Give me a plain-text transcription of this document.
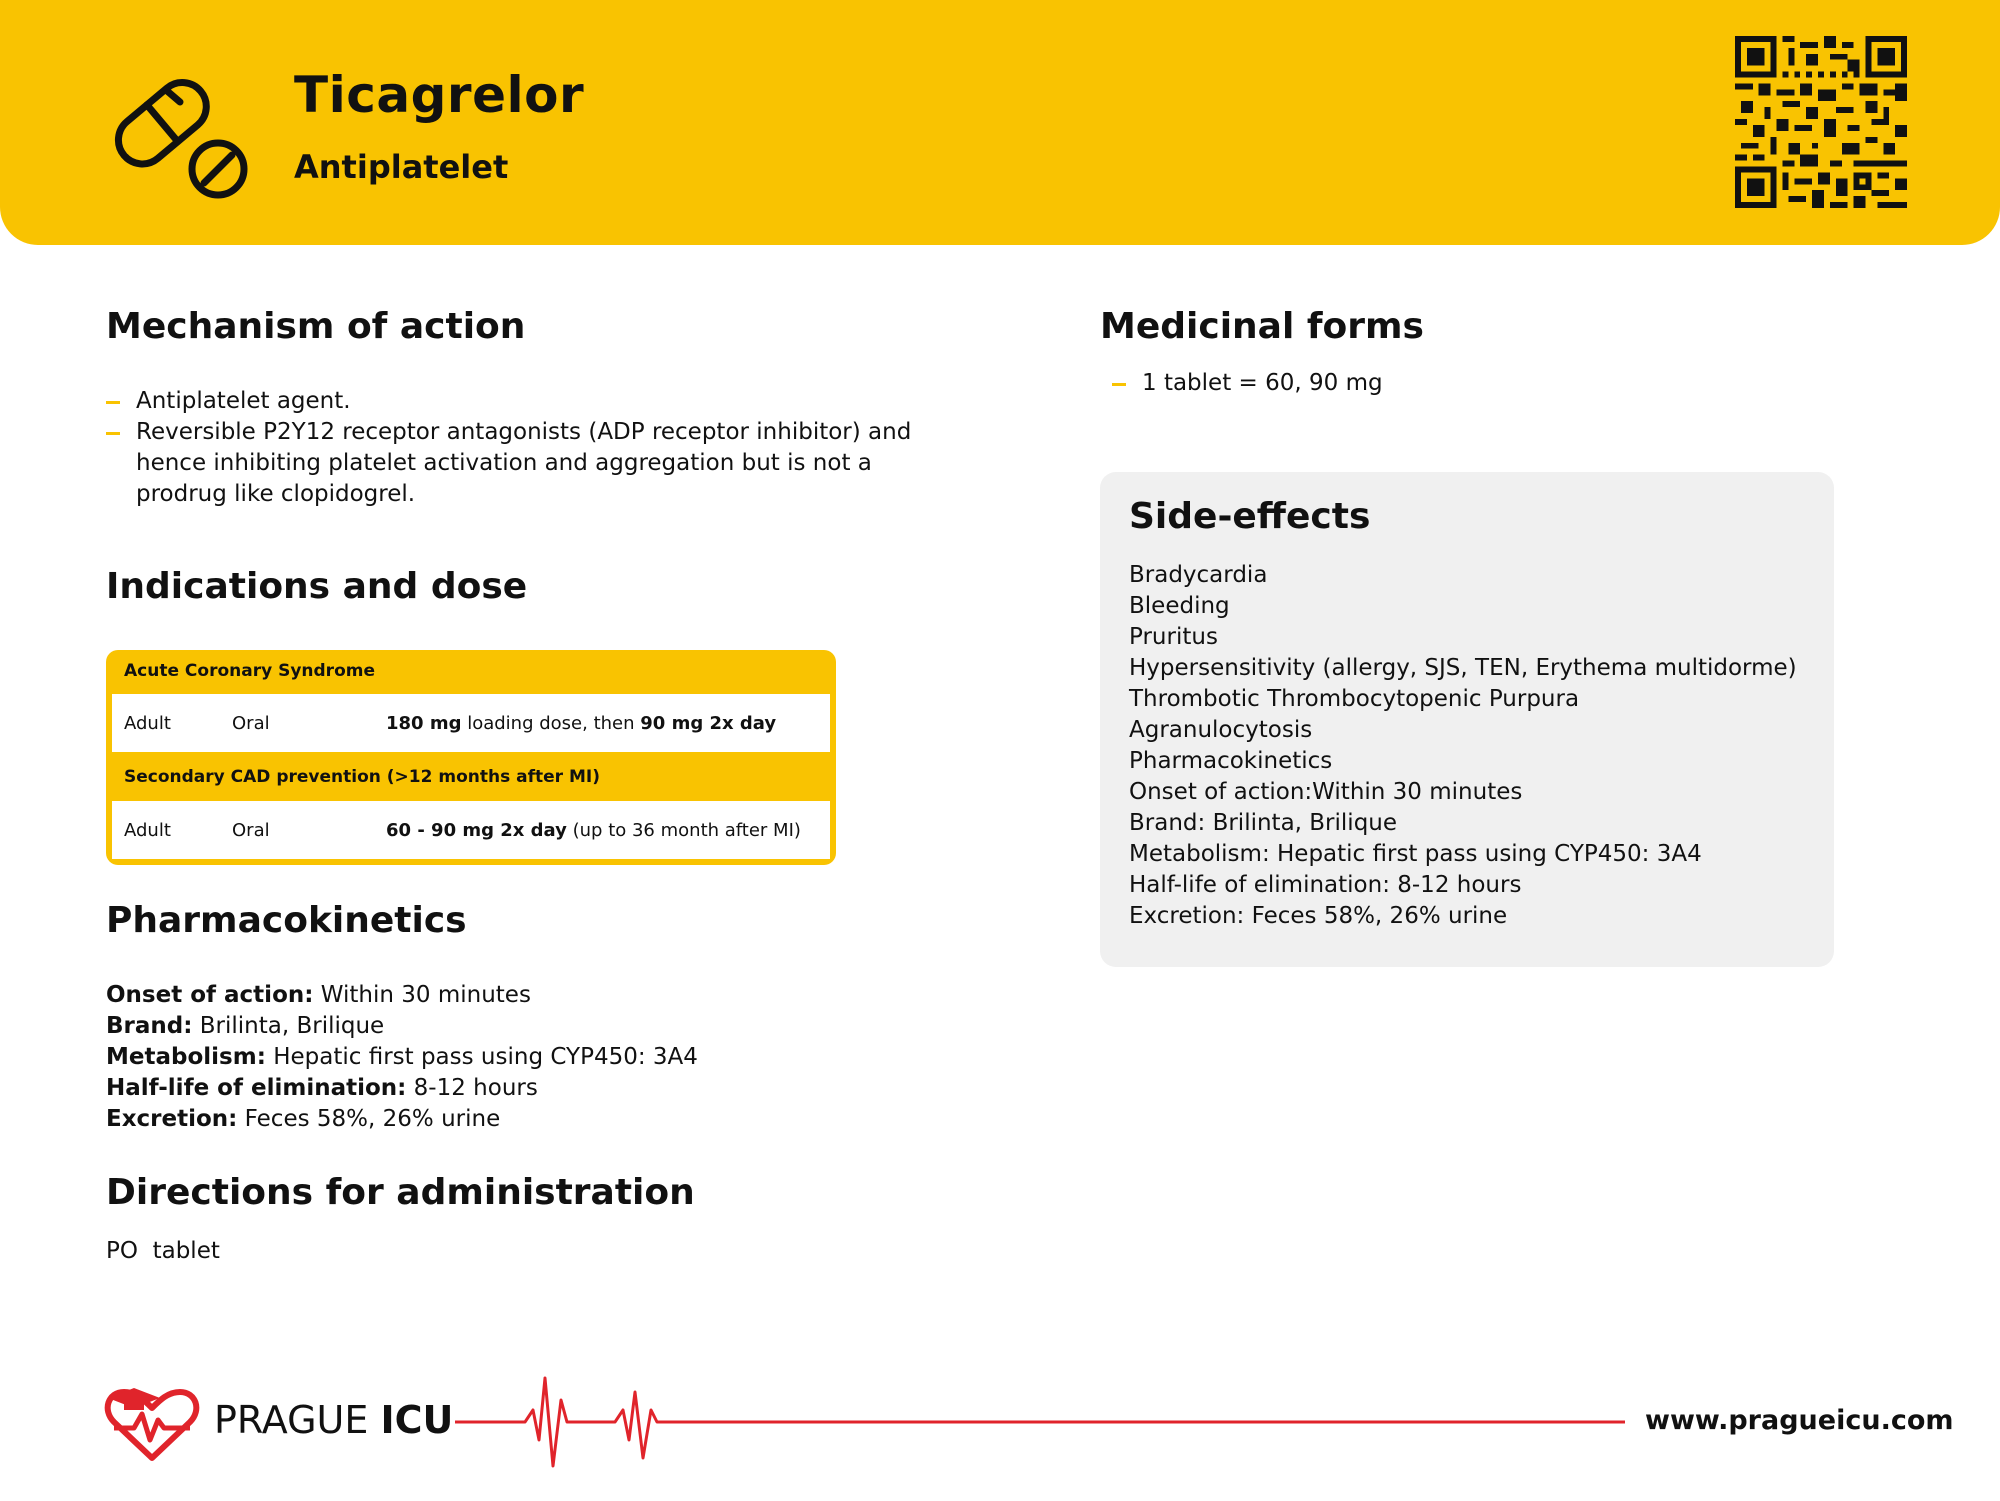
Ticagrelor
Antiplatelet
Mechanism of action
Antiplatelet agent.
Reversible P2Y12 receptor antagonists (ADP receptor inhibitor) and hence inhibiting platelet activation and aggregation but is not a prodrug like clopidogrel.
Indications and dose
Acute Coronary Syndrome
Adult	Oral	180 mg loading dose, then 90 mg 2x day
Secondary CAD prevention (>12 months after MI)
Adult	Oral	60 - 90 mg 2x day (up to 36 month after MI)
Pharmacokinetics
Onset of action: Within 30 minutes
Brand: Brilinta, Brilique
Metabolism: Hepatic first pass using CYP450: 3A4
Half-life of elimination: 8-12 hours
Excretion: Feces 58%, 26% urine
Directions for administration
PO  tablet
Medicinal forms
1 tablet = 60, 90 mg
Side-effects
Bradycardia
Bleeding
Pruritus
Hypersensitivity (allergy, SJS, TEN, Erythema multidorme)
Thrombotic Thrombocytopenic Purpura
Agranulocytosis
Pharmacokinetics
Onset of action:Within 30 minutes
Brand: Brilinta, Brilique
Metabolism: Hepatic first pass using CYP450: 3A4
Half-life of elimination: 8-12 hours
Excretion: Feces 58%, 26% urine
PRAGUE ICU	www.pragueicu.com
